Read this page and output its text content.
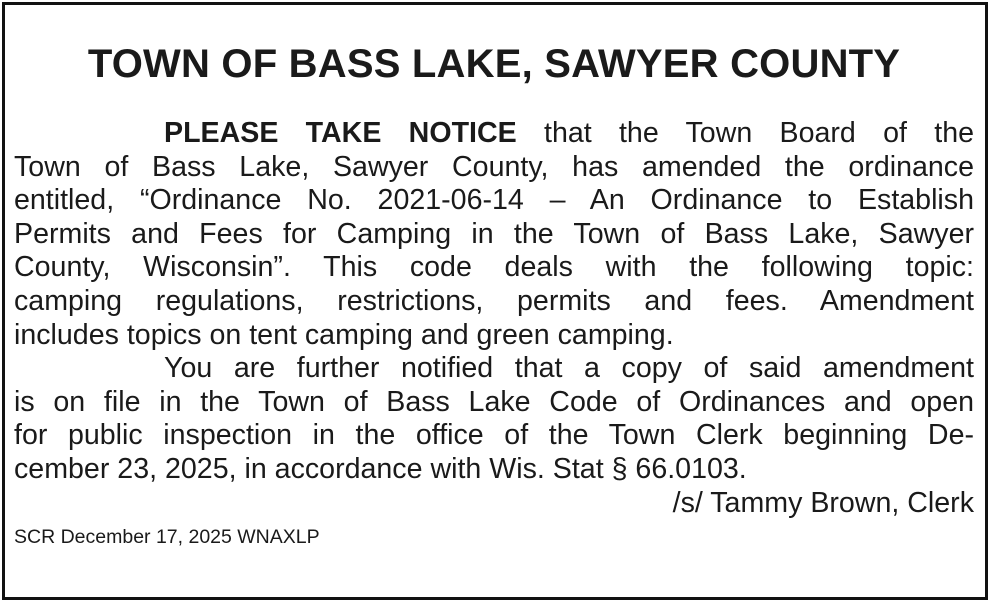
TOWN OF BASS LAKE, SAWYER COUNTY
PLEASE TAKE NOTICE that the Town Board of the
Town of Bass Lake, Sawyer County, has amended the ordinance
entitled, “Ordinance No. 2021-06-14 – An Ordinance to Establish
Permits and Fees for Camping in the Town of Bass Lake, Sawyer
County, Wisconsin”. This code deals with the following topic:
camping regulations, restrictions, permits and fees. Amendment
includes topics on tent camping and green camping.
You are further notified that a copy of said amendment
is on file in the Town of Bass Lake Code of Ordinances and open
for public inspection in the office of the Town Clerk beginning De-
cember 23, 2025, in accordance with Wis. Stat § 66.0103.
/s/ Tammy Brown, Clerk
SCR December 17, 2025 WNAXLP
